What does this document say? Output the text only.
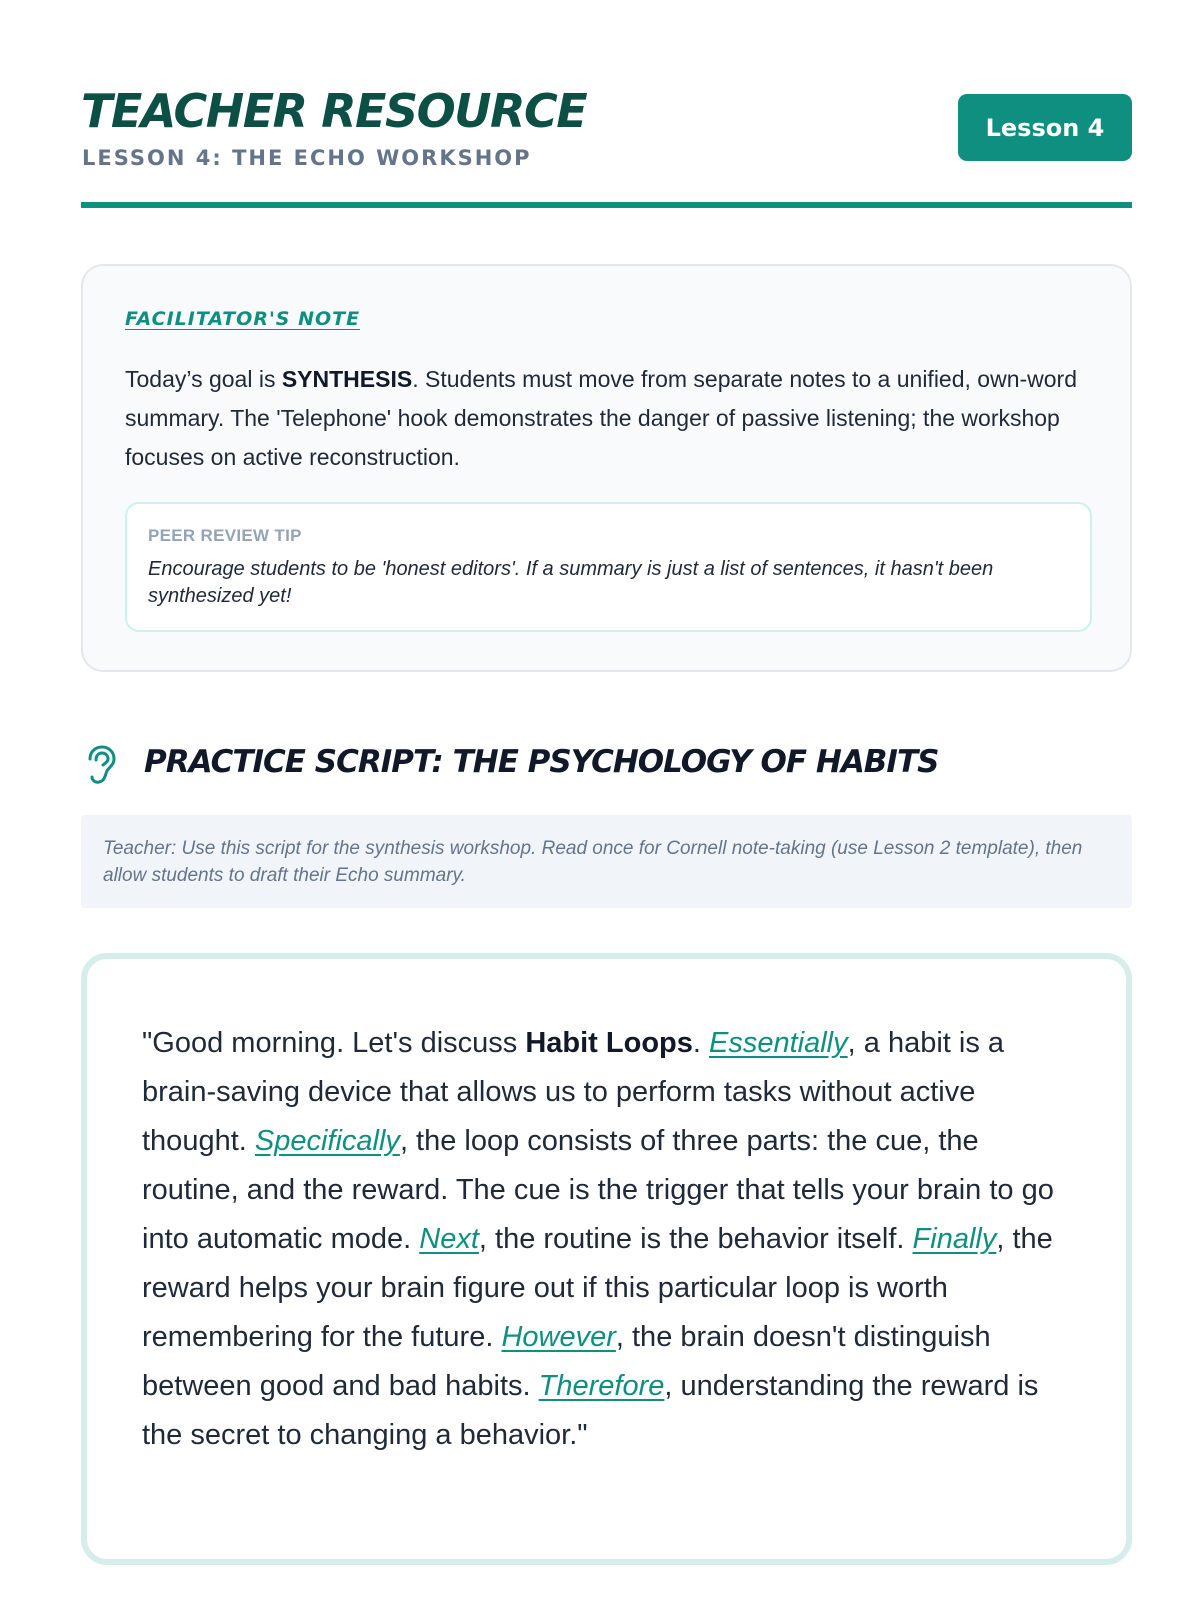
TEACHER RESOURCE
LESSON 4: THE ECHO WORKSHOP
Lesson 4
FACILITATOR'S NOTE

Today’s goal is SYNTHESIS. Students must move from separate notes to a unified, own-word summary. The 'Telephone' hook demonstrates the danger of passive listening; the workshop focuses on active reconstruction.

PEER REVIEW TIP
Encourage students to be 'honest editors'. If a summary is just a list of sentences, it hasn't been synthesized yet!
PRACTICE SCRIPT: THE PSYCHOLOGY OF HABITS
Teacher: Use this script for the synthesis workshop. Read once for Cornell note-taking (use Lesson 2 template), then allow students to draft their Echo summary.

"Good morning. Let's discuss Habit Loops. Essentially, a habit is a brain-saving device that allows us to perform tasks without active thought. Specifically, the loop consists of three parts: the cue, the routine, and the reward. The cue is the trigger that tells your brain to go into automatic mode. Next, the routine is the behavior itself. Finally, the reward helps your brain figure out if this particular loop is worth remembering for the future. However, the brain doesn't distinguish between good and bad habits. Therefore, understanding the reward is the secret to changing a behavior."
